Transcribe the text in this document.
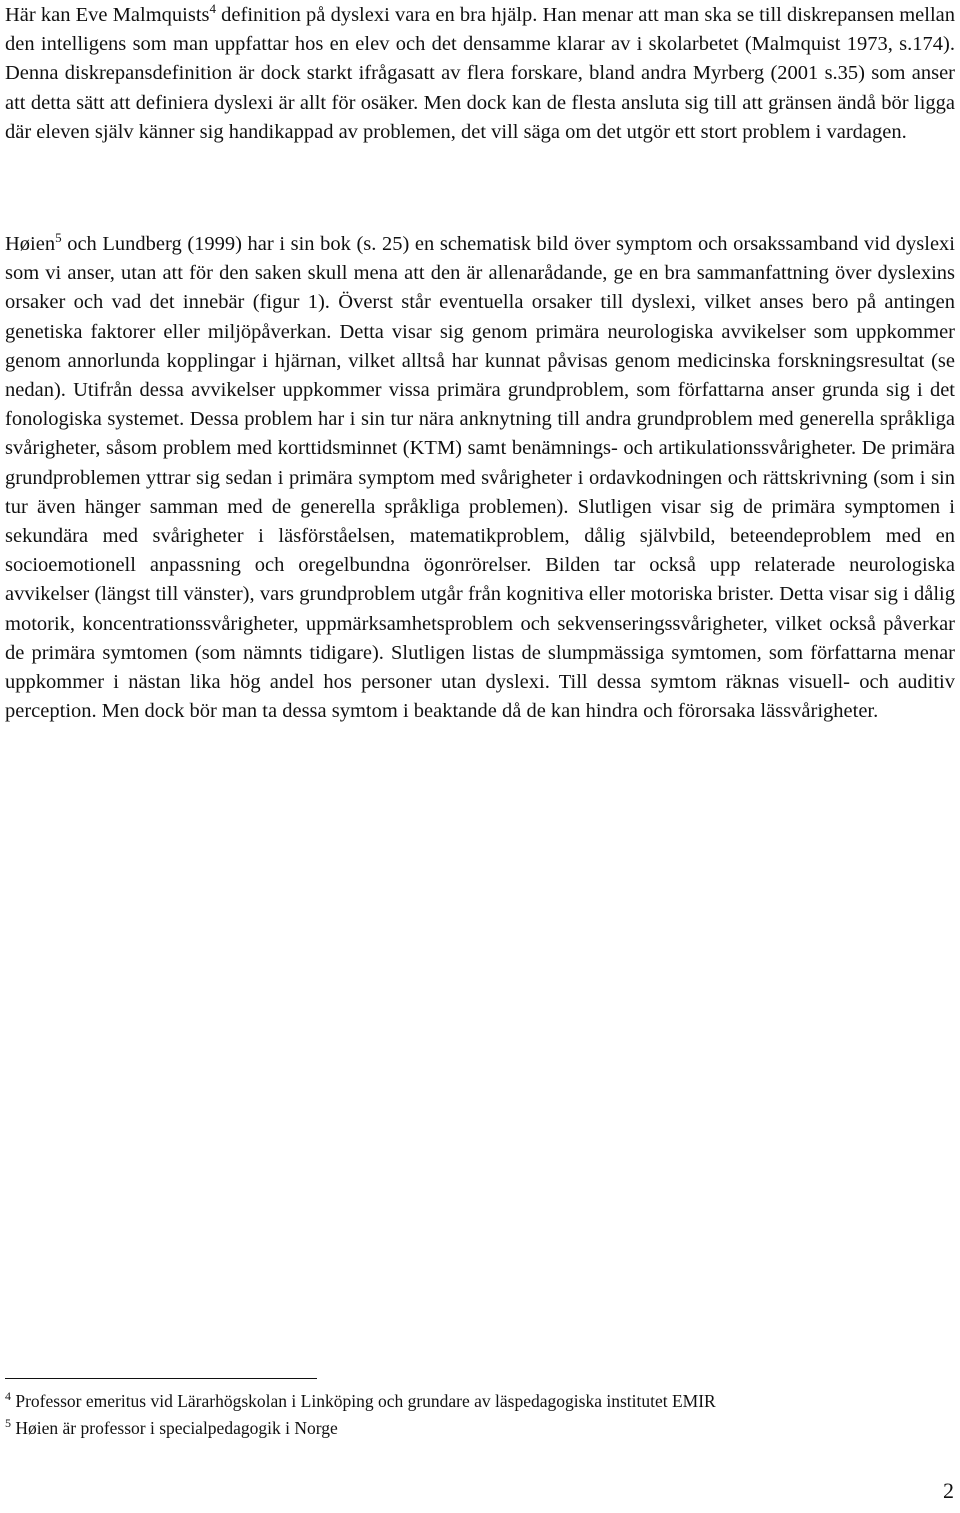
Här kan Eve Malmquists$^4$ definition på dyslexi vara en bra hjälp. Han menar att man ska se till diskrepansen mellan den intelligens som man uppfattar hos en elev och det densamme klarar av i skolarbetet (Malmquist 1973, s.174). Denna diskrepansdefinition är dock starkt ifrågasatt av flera forskare, bland andra Myrberg (2001 s.35) som anser att detta sätt att definiera dyslexi är allt för osäker. Men dock kan de flesta ansluta sig till att gränsen ändå bör ligga där eleven själv känner sig handikappad av problemen, det vill säga om det utgör ett stort problem i vardagen.

Høien$^5$ och Lundberg (1999) har i sin bok (s. 25) en schematisk bild över symptom och orsakssamband vid dyslexi som vi anser, utan att för den saken skull mena att den är allenarådande, ge en bra sammanfattning över dyslexins orsaker och vad det innebär (figur 1). Överst står eventuella orsaker till dyslexi, vilket anses bero på antingen genetiska faktorer eller miljöpåverkan. Detta visar sig genom primära neurologiska avvikelser som uppkommer genom annorlunda kopplingar i hjärnan, vilket alltså har kunnat påvisas genom medicinska forskningsresultat (se nedan). Utifrån dessa avvikelser uppkommer vissa primära grundproblem, som författarna anser grunda sig i det fonologiska systemet. Dessa problem har i sin tur nära anknytning till andra grundproblem med generella språkliga svårigheter, såsom problem med korttidsminnet (KTM) samt benämnings- och artikulationssvårigheter. De primära grundproblemen yttrar sig sedan i primära symptom med svårigheter i ordavkodningen och rättskrivning (som i sin tur även hänger samman med de generella språkliga problemen). Slutligen visar sig de primära symptomen i sekundära med svårigheter i läsförståelsen, matematikproblem, dålig självbild, beteendeproblem med en socioemotionell anpassning och oregelbundna ögonrörelser. Bilden tar också upp relaterade neurologiska avvikelser (längst till vänster), vars grundproblem utgår från kognitiva eller motoriska brister. Detta visar sig i dålig motorik, koncentrationssvårigheter, uppmärksamhetsproblem och sekvenseringssvårigheter, vilket också påverkar de primära symtomen (som nämnts tidigare). Slutligen listas de slumpmässiga symtomen, som författarna menar uppkommer i nästan lika hög andel hos personer utan dyslexi. Till dessa symtom räknas visuell- och auditiv perception. Men dock bör man ta dessa symtom i beaktande då de kan hindra och förorsaka lässvårigheter.

$^4$ Professor emeritus vid Lärarhögskolan i Linköping och grundare av läspedagogiska institutet EMIR
$^5$ Høien är professor i specialpedagogik i Norge
2
